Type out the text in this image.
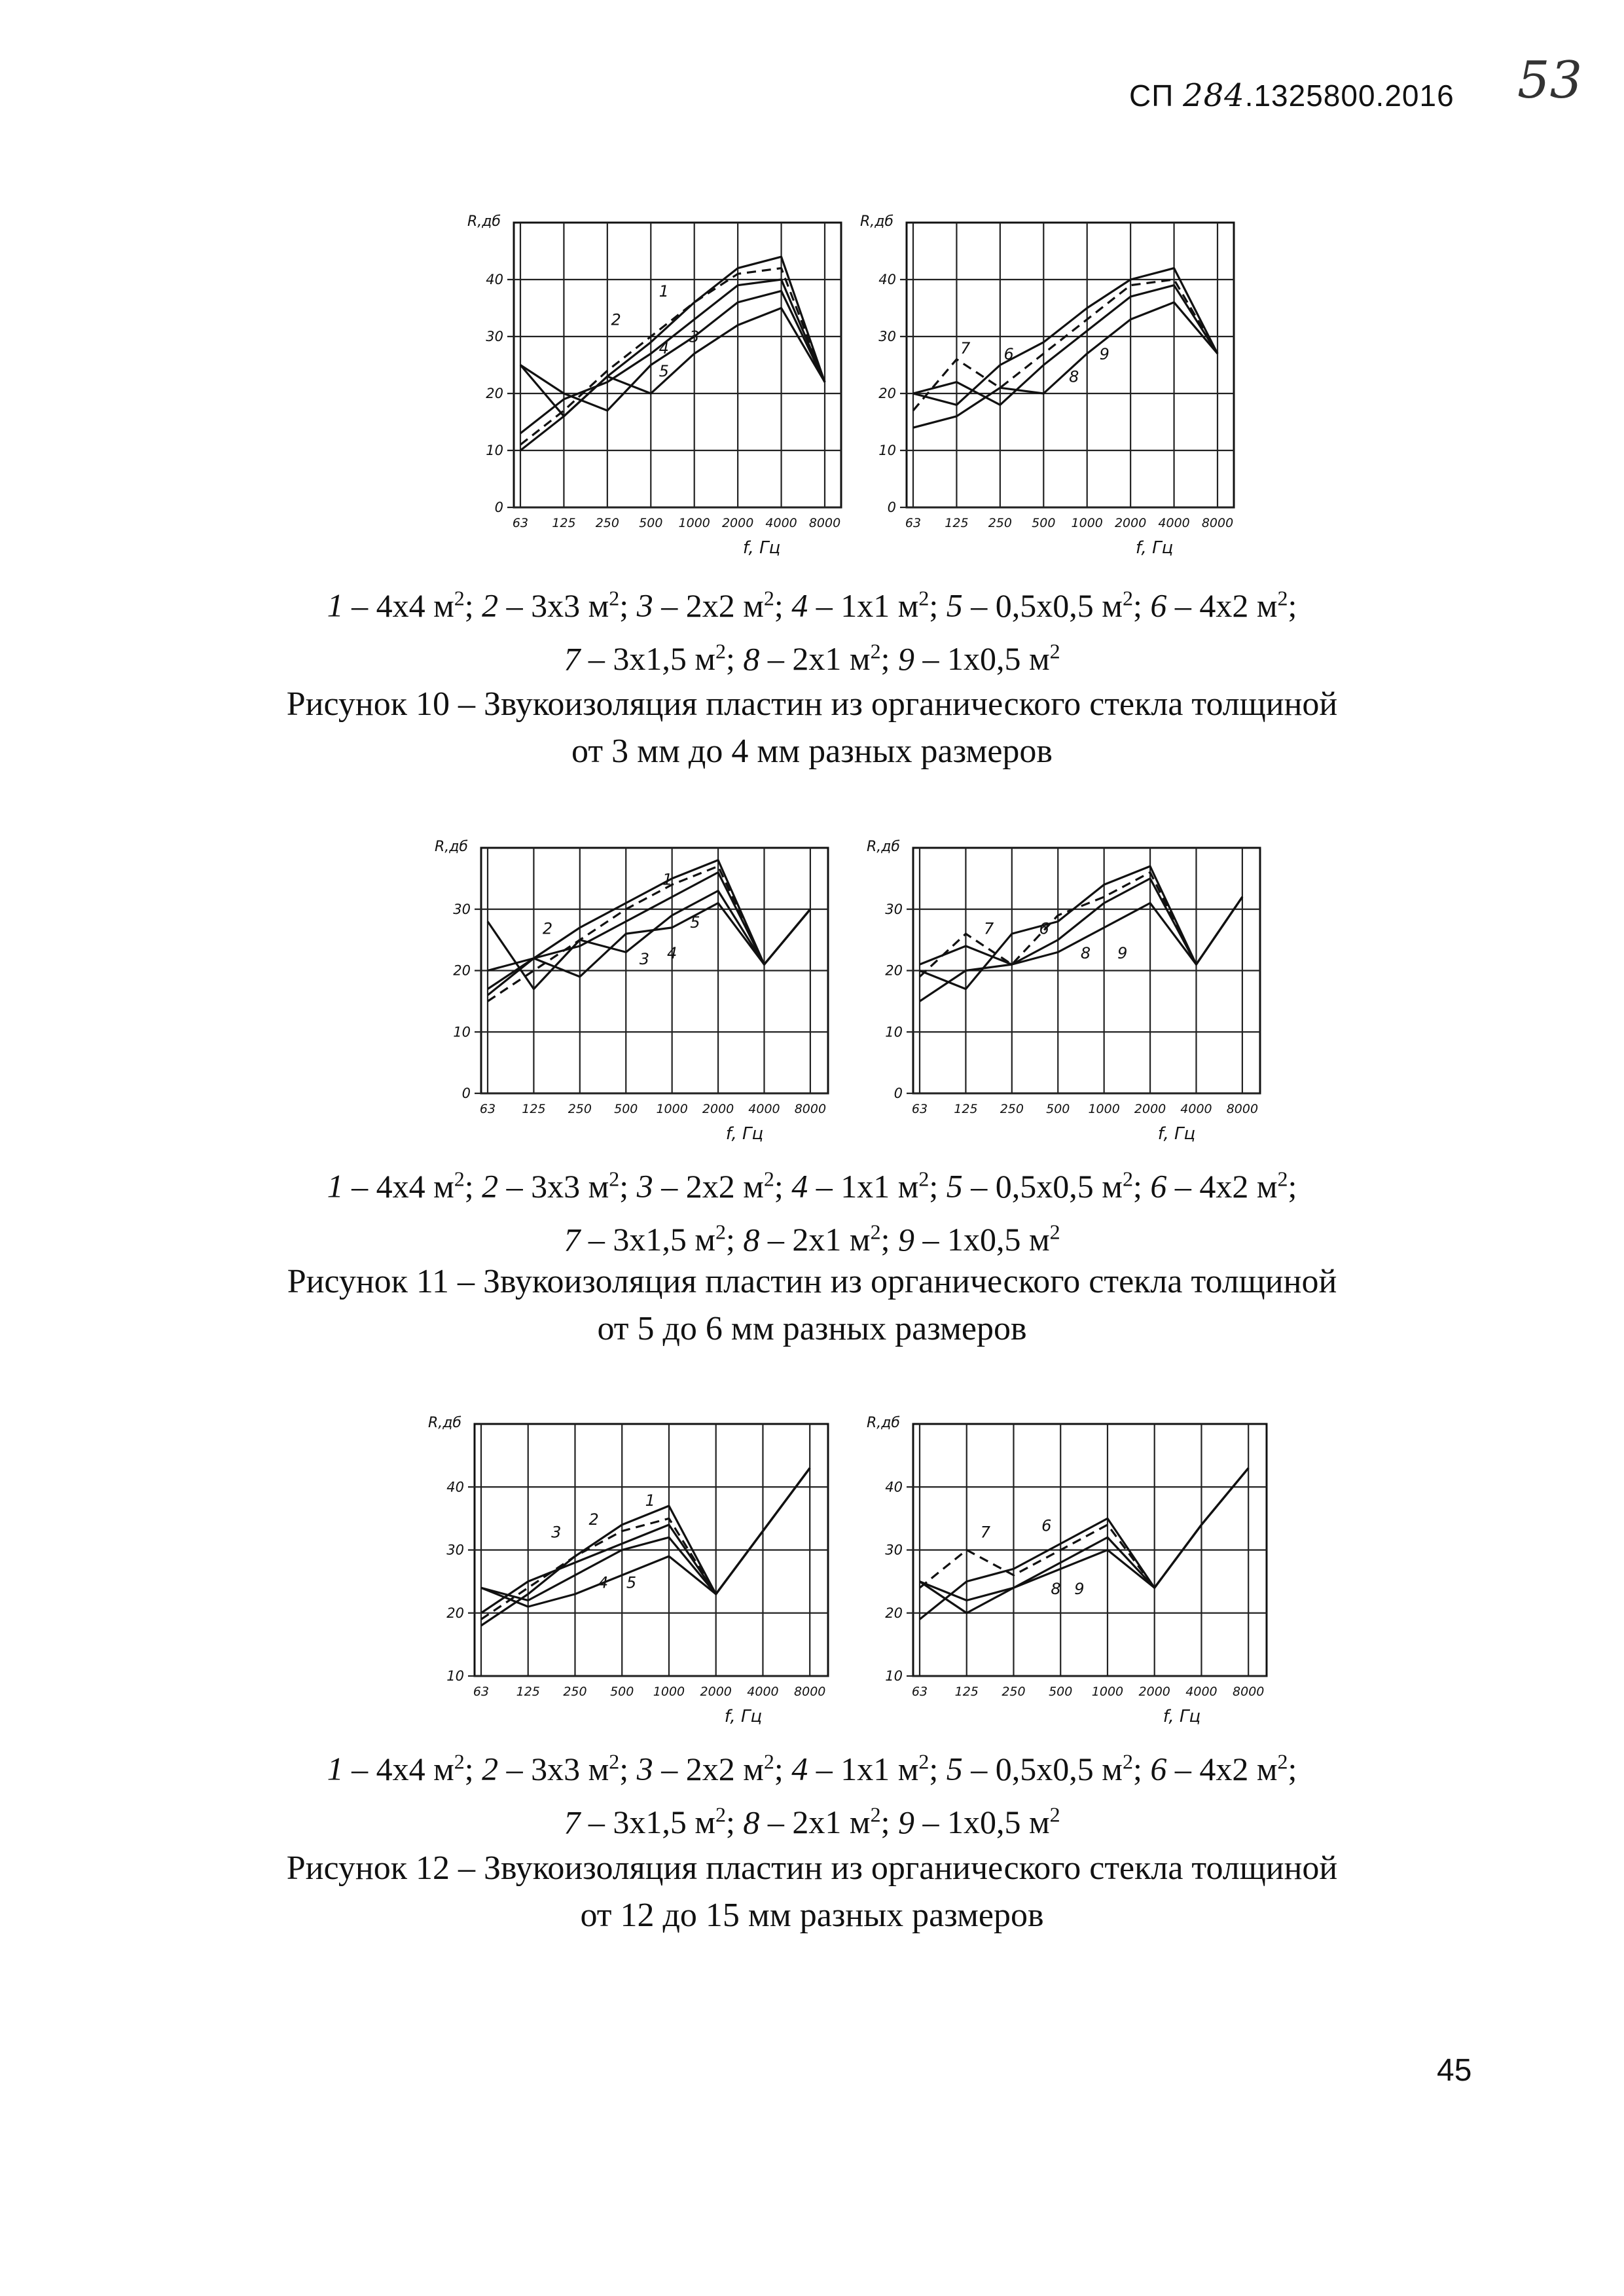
СП 284.1325800.2016 53
63 125 250 500 1000 2000 4000 8000
0
10
20
30
40
R,дб
f, Гц
1
2
3
4
5
63 125 250 500 1000 2000 4000 8000
0
10
20
30
40
R,дб
f, Гц
7 6
8
9
1 – 4x4 $м^2$; 2 – 3x3 $м^2$; 3 – 2x2 $м^2$; 4 – 1x1 $м^2$; 5 – 0,5x0,5 $м^2$; 6 – 4x2 $м^2$;
7 – 3x1,5 $м^2$; 8 – 2x1 $м^2$; 9 – 1x0,5 $м^2$
Рисунок 10 – Звукоизоляция пластин из органического стекла толщиной
от 3 мм до 4 мм разных размеров
63 125 250 500 1000 2000 4000 8000
0
10
20
30
R,дб
f, Гц
1
2
3 4
5
63 125 250 500 1000 2000 4000 8000
0
10
20
30
R,дб
f, Гц
7	6
8 9
1 – 4x4 $м^2$; 2 – 3x3 $м^2$; 3 – 2x2 $м^2$; 4 – 1x1 $м^2$; 5 – 0,5x0,5 $м^2$; 6 – 4x2 $м^2$;
7 – 3x1,5 $м^2$; 8 – 2x1 $м^2$; 9 – 1x0,5 $м^2$
Рисунок 11 – Звукоизоляция пластин из органического стекла толщиной
от 5 до 6 мм разных размеров
63 125 250 500 1000 2000 4000 8000
10
20
30
40
R,дб
f, Гц
1
2
3
4 5
63 125 250 500 1000 2000 4000 8000
10
20
30
40
R,дб
f, Гц
7	6
8 9
1 – 4x4 $м^2$; 2 – 3x3 $м^2$; 3 – 2x2 $м^2$; 4 – 1x1 $м^2$; 5 – 0,5x0,5 $м^2$; 6 – 4x2 $м^2$;
7 – 3x1,5 $м^2$; 8 – 2x1 $м^2$; 9 – 1x0,5 $м^2$
Рисунок 12 – Звукоизоляция пластин из органического стекла толщиной
от 12 до 15 мм разных размеров
45
